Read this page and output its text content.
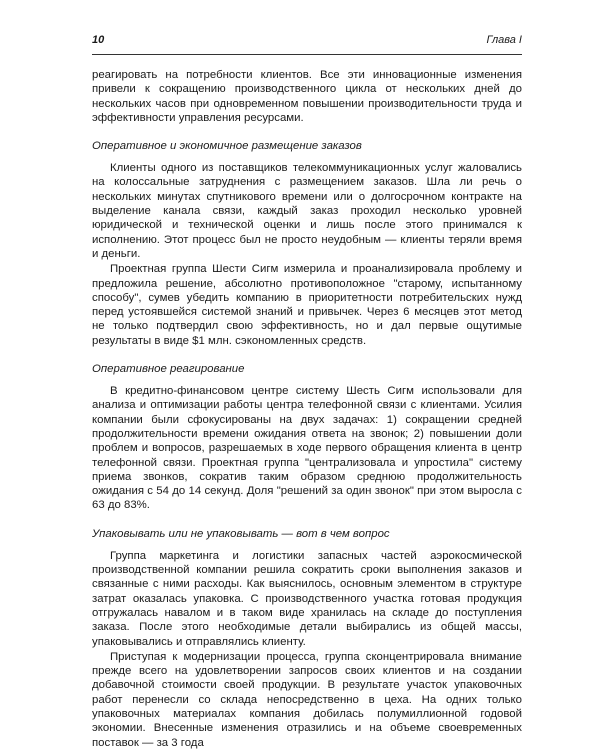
10	Глава I

реагировать на потребности клиентов. Все эти инновационные изменения привели к сокращению производственного цикла от нескольких дней до нескольких часов при одновременном повышении производительности труда и эффективности управления ресурсами.

Оперативное и экономичное размещение заказов

Клиенты одного из поставщиков телекоммуникационных услуг жаловались на колоссальные затруднения с размещением заказов. Шла ли речь о нескольких минутах спутникового времени или о долгосрочном контракте на выделение канала связи, каждый заказ проходил несколько уровней юридической и технической оценки и лишь после этого принимался к исполнению. Этот процесс был не просто неудобным — клиенты теряли время и деньги.

Проектная группа Шести Сигм измерила и проанализировала проблему и предложила решение, абсолютно противоположное "старому, испытанному способу", сумев убедить компанию в приоритетности потребительских нужд перед устоявшейся системой знаний и привычек. Через 6 месяцев этот метод не только подтвердил свою эффективность, но и дал первые ощутимые результаты в виде $1 млн. сэкономленных средств.

Оперативное реагирование

В кредитно-финансовом центре систему Шесть Сигм использовали для анализа и оптимизации работы центра телефонной связи с клиентами. Усилия компании были сфокусированы на двух задачах: 1) сокращении средней продолжительности времени ожидания ответа на звонок; 2) повышении доли проблем и вопросов, разрешаемых в ходе первого обращения клиента в центр телефонной связи. Проектная группа "централизовала и упростила" систему приема звонков, сократив таким образом среднюю продолжительность ожидания с 54 до 14 секунд. Доля "решений за один звонок" при этом выросла с 63 до 83%.

Упаковывать или не упаковывать — вот в чем вопрос

Группа маркетинга и логистики запасных частей аэрокосмической производственной компании решила сократить сроки выполнения заказов и связанные с ними расходы. Как выяснилось, основным элементом в структуре затрат оказалась упаковка. С производственного участка готовая продукция отгружалась навалом и в таком виде хранилась на складе до поступления заказа. После этого необходимые детали выбирались из общей массы, упаковывались и отправлялись клиенту.

Приступая к модернизации процесса, группа сконцентрировала внимание прежде всего на удовлетворении запросов своих клиентов и на создании добавочной стоимости своей продукции. В результате участок упаковочных работ перенесли со склада непосредственно в цеха. На одних только упаковочных материалах компания добилась полумиллионной годовой экономии. Внесенные изменения отразились и на объеме своевременных поставок — за 3 года
